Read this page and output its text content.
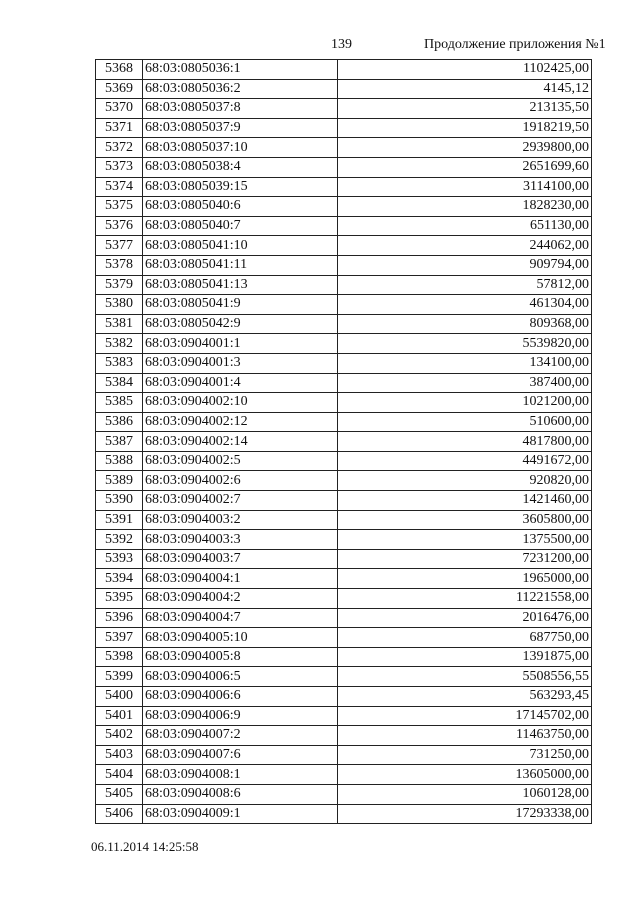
139	Продолжение приложения №1
5368	68:03:0805036:1	1102425,00
5369	68:03:0805036:2	4145,12
5370	68:03:0805037:8	213135,50
5371	68:03:0805037:9	1918219,50
5372	68:03:0805037:10	2939800,00
5373	68:03:0805038:4	2651699,60
5374	68:03:0805039:15	3114100,00
5375	68:03:0805040:6	1828230,00
5376	68:03:0805040:7	651130,00
5377	68:03:0805041:10	244062,00
5378	68:03:0805041:11	909794,00
5379	68:03:0805041:13	57812,00
5380	68:03:0805041:9	461304,00
5381	68:03:0805042:9	809368,00
5382	68:03:0904001:1	5539820,00
5383	68:03:0904001:3	134100,00
5384	68:03:0904001:4	387400,00
5385	68:03:0904002:10	1021200,00
5386	68:03:0904002:12	510600,00
5387	68:03:0904002:14	4817800,00
5388	68:03:0904002:5	4491672,00
5389	68:03:0904002:6	920820,00
5390	68:03:0904002:7	1421460,00
5391	68:03:0904003:2	3605800,00
5392	68:03:0904003:3	1375500,00
5393	68:03:0904003:7	7231200,00
5394	68:03:0904004:1	1965000,00
5395	68:03:0904004:2	11221558,00
5396	68:03:0904004:7	2016476,00
5397	68:03:0904005:10	687750,00
5398	68:03:0904005:8	1391875,00
5399	68:03:0904006:5	5508556,55
5400	68:03:0904006:6	563293,45
5401	68:03:0904006:9	17145702,00
5402	68:03:0904007:2	11463750,00
5403	68:03:0904007:6	731250,00
5404	68:03:0904008:1	13605000,00
5405	68:03:0904008:6	1060128,00
5406	68:03:0904009:1	17293338,00
06.11.2014 14:25:58
